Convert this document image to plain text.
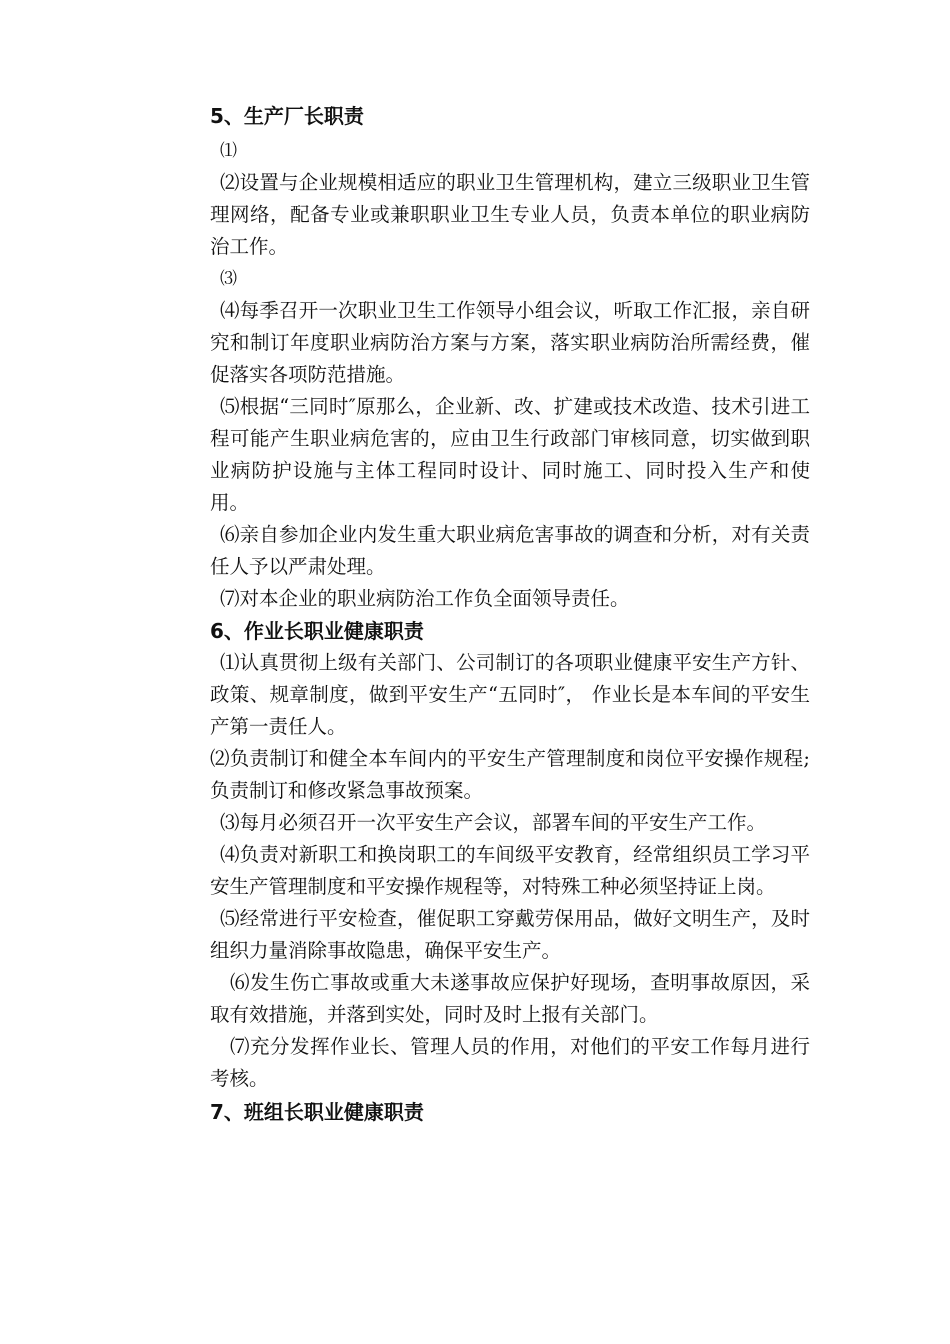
5、生产厂长职责

⑴

⑵设置与企业规模相适应的职业卫生管理机构，建立三级职业卫生管理网络，配备专业或兼职职业卫生专业人员，负责本单位的职业病防治工作。

⑶

⑷每季召开一次职业卫生工作领导小组会议，听取工作汇报，亲自研究和制订年度职业病防治方案与方案，落实职业病防治所需经费，催促落实各项防范措施。

⑸根据“三同时″原那么，企业新、改、扩建或技术改造、技术引进工程可能产生职业病危害的，应由卫生行政部门审核同意，切实做到职业病防护设施与主体工程同时设计、同时施工、同时投入生产和使用。

⑹亲自参加企业内发生重大职业病危害事故的调查和分析，对有关责任人予以严肃处理。

⑺对本企业的职业病防治工作负全面领导责任。

6、作业长职业健康职责

⑴认真贯彻上级有关部门、公司制订的各项职业健康平安生产方针、政策、规章制度，做到平安生产“五同时″， 作业长是本车间的平安生产第一责任人。

⑵负责制订和健全本车间内的平安生产管理制度和岗位平安操作规程;负责制订和修改紧急事故预案。

⑶每月必须召开一次平安生产会议，部署车间的平安生产工作。

⑷负责对新职工和换岗职工的车间级平安教育，经常组织员工学习平安生产管理制度和平安操作规程等，对特殊工种必须坚持证上岗。

⑸经常进行平安检查，催促职工穿戴劳保用品，做好文明生产，及时组织力量消除事故隐患，确保平安生产。

⑹发生伤亡事故或重大未遂事故应保护好现场，查明事故原因，采取有效措施，并落到实处，同时及时上报有关部门。

⑺充分发挥作业长、管理人员的作用，对他们的平安工作每月进行考核。

7、班组长职业健康职责
